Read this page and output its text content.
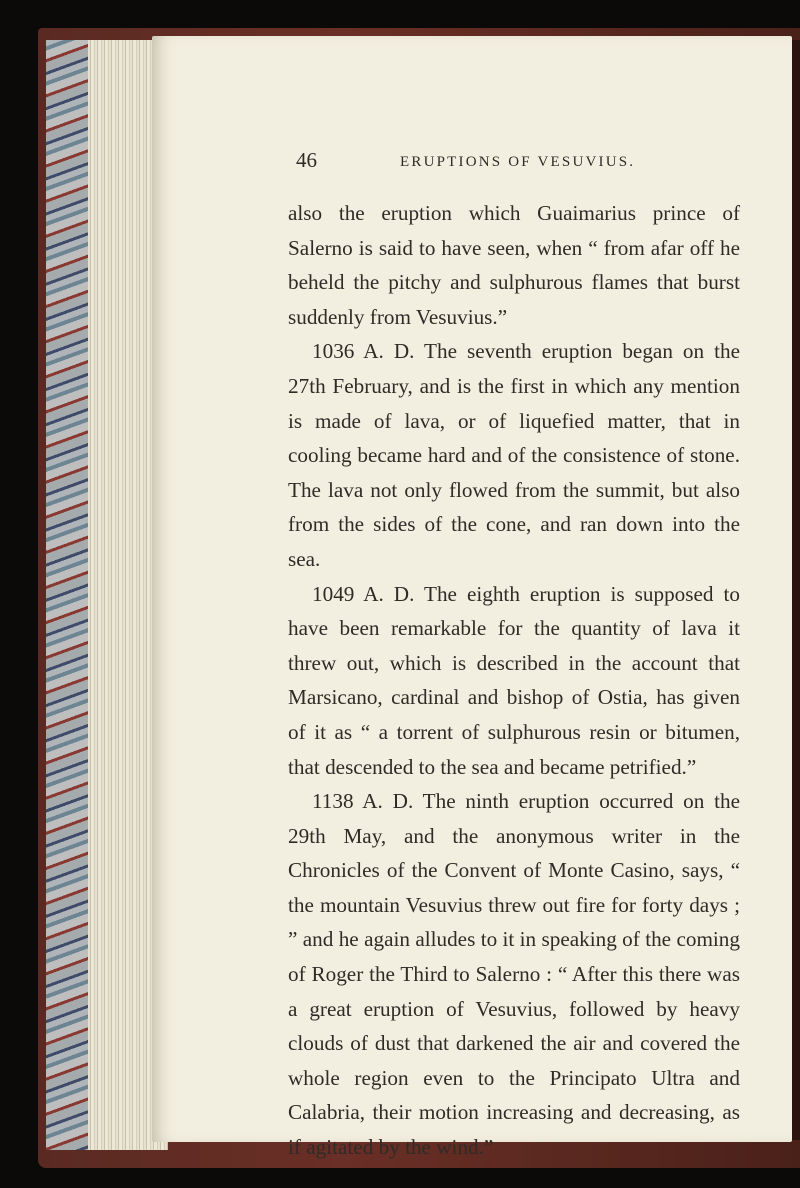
46	ERUPTIONS OF VESUVIUS.

also the eruption which Guaimarius prince of Salerno is said to have seen, when “ from afar off he beheld the pitchy and sulphurous flames that burst suddenly from Vesuvius.”

1036 A. D. The seventh eruption began on the 27th February, and is the first in which any mention is made of lava, or of liquefied matter, that in cooling became hard and of the consistence of stone. The lava not only flowed from the summit, but also from the sides of the cone, and ran down into the sea.

1049 A. D. The eighth eruption is supposed to have been remarkable for the quantity of lava it threw out, which is described in the account that Marsicano, cardinal and bishop of Ostia, has given of it as “ a torrent of sulphurous resin or bitumen, that descended to the sea and became petrified.”

1138 A. D. The ninth eruption occurred on the 29th May, and the anonymous writer in the Chronicles of the Convent of Monte Casino, says, “ the mountain Vesuvius threw out fire for forty days ; ” and he again alludes to it in speaking of the coming of Roger the Third to Salerno : “ After this there was a great eruption of Vesuvius, followed by heavy clouds of dust that darkened the air and covered the whole region even to the Principato Ultra and Calabria, their motion increasing and decreasing, as if agitated by the wind.”
